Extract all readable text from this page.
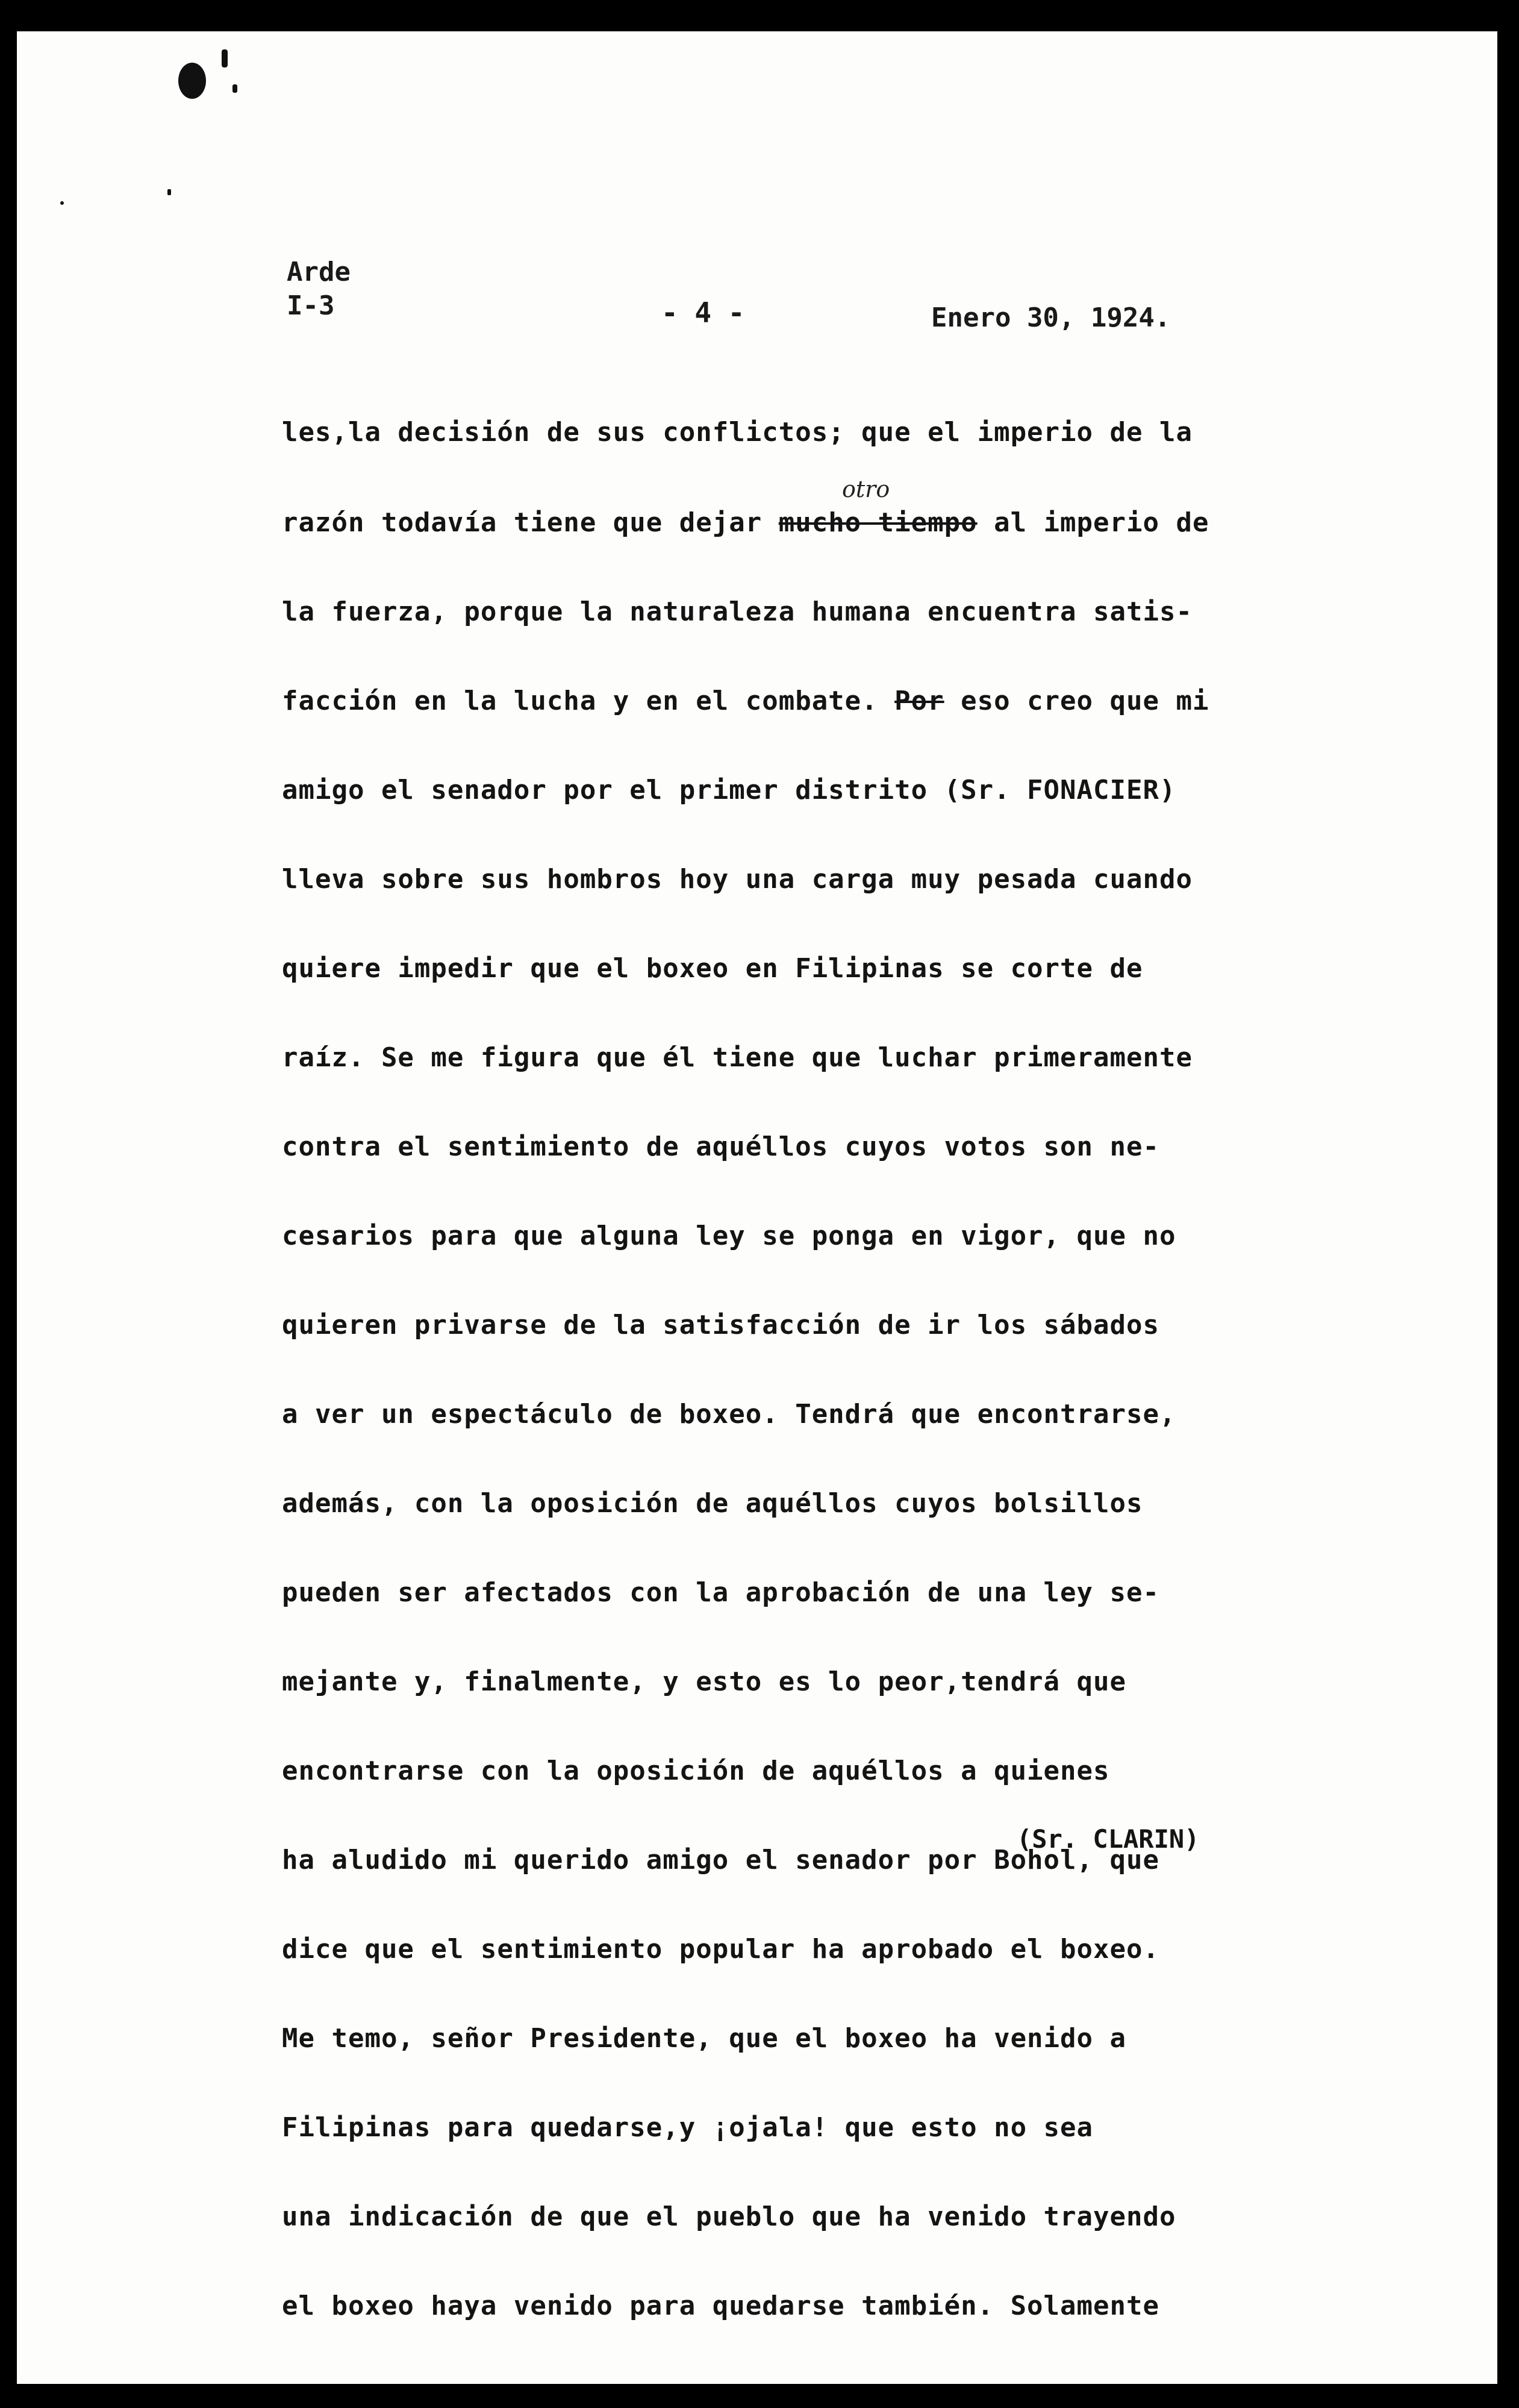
Arde
I-3	- 4 -	Enero 30, 1924.
otro
(Sr. CLARIN)
les,la decisión de sus conflictos; que el imperio de la
razón todavía tiene que dejar mucho tiempo al imperio de
la fuerza, porque la naturaleza humana encuentra satis-
facción en la lucha y en el combate. Por eso creo que mi
amigo el senador por el primer distrito (Sr. FONACIER)
lleva sobre sus hombros hoy una carga muy pesada cuando
quiere impedir que el boxeo en Filipinas se corte de
raíz. Se me figura que él tiene que luchar primeramente
contra el sentimiento de aquéllos cuyos votos son ne-
cesarios para que alguna ley se ponga en vigor, que no
quieren privarse de la satisfacción de ir los sábados
a ver un espectáculo de boxeo. Tendrá que encontrarse,
además, con la oposición de aquéllos cuyos bolsillos
pueden ser afectados con la aprobación de una ley se-
mejante y, finalmente, y esto es lo peor,tendrá que
encontrarse con la oposición de aquéllos a quienes
ha aludido mi querido amigo el senador por Bohol, que
dice que el sentimiento popular ha aprobado el boxeo.
Me temo, señor Presidente, que el boxeo ha venido a
Filipinas para quedarse,y ¡ojala! que esto no sea
una indicación de que el pueblo que ha venido trayendo
el boxeo haya venido para quedarse también. Solamente
